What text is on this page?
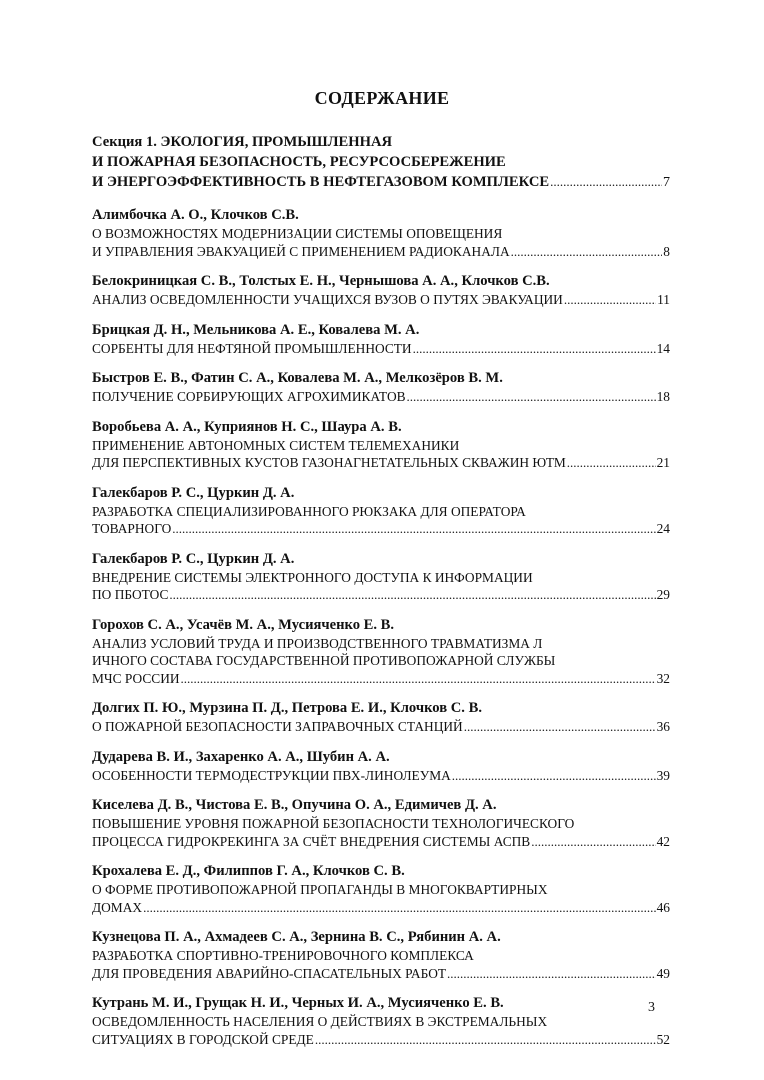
СОДЕРЖАНИЕ
Секция 1. ЭКОЛОГИЯ, ПРОМЫШЛЕННАЯ
И ПОЖАРНАЯ БЕЗОПАСНОСТЬ, РЕСУРСОСБЕРЕЖЕНИЕ
И ЭНЕРГОЭФФЕКТИВНОСТЬ В НЕФТЕГАЗОВОМ КОМПЛЕКСЕ .....	7
Алимбочка А. О., Клочков С.В.
О ВОЗМОЖНОСТЯХ МОДЕРНИЗАЦИИ СИСТЕМЫ ОПОВЕЩЕНИЯ
И УПРАВЛЕНИЯ ЭВАКУАЦИЕЙ С ПРИМЕНЕНИЕМ РАДИОКАНАЛА .....	8
Белокриницкая С. В., Толстых Е. Н., Чернышова А. А., Клочков С.В.
АНАЛИЗ ОСВЕДОМЛЕННОСТИ УЧАЩИХСЯ ВУЗОВ О ПУТЯХ ЭВАКУАЦИИ .....	11
Брицкая Д. Н., Мельникова А. Е., Ковалева М. А.
СОРБЕНТЫ ДЛЯ НЕФТЯНОЙ ПРОМЫШЛЕННОСТИ .....	14
Быстров Е. В., Фатин С. А., Ковалева М. А., Мелкозёров В. М.
ПОЛУЧЕНИЕ СОРБИРУЮЩИХ АГРОХИМИКАТОВ .....	18
Воробьева А. А., Куприянов Н. С., Шаура А. В.
ПРИМЕНЕНИЕ АВТОНОМНЫХ СИСТЕМ ТЕЛЕМЕХАНИКИ
ДЛЯ ПЕРСПЕКТИВНЫХ КУСТОВ ГАЗОНАГНЕТАТЕЛЬНЫХ СКВАЖИН ЮТМ .....	21
Галекбаров Р. С., Цуркин Д. А.
РАЗРАБОТКА СПЕЦИАЛИЗИРОВАННОГО РЮКЗАКА ДЛЯ ОПЕРАТОРА
ТОВАРНОГО .....	24
Галекбаров Р. С., Цуркин Д. А.
ВНЕДРЕНИЕ СИСТЕМЫ ЭЛЕКТРОННОГО ДОСТУПА К ИНФОРМАЦИИ
ПО ПБОТОС .....	29
Горохов С. А., Усачёв М. А., Мусияченко Е. В.
АНАЛИЗ УСЛОВИЙ ТРУДА И ПРОИЗВОДСТВЕННОГО ТРАВМАТИЗМА Л
ИЧНОГО СОСТАВА ГОСУДАРСТВЕННОЙ ПРОТИВОПОЖАРНОЙ СЛУЖБЫ
МЧС РОССИИ .....	32
Долгих П. Ю., Мурзина П. Д., Петрова Е. И., Клочков С. В.
О ПОЖАРНОЙ БЕЗОПАСНОСТИ ЗАПРАВОЧНЫХ СТАНЦИЙ .....	36
Дударева В. И., Захаренко А. А., Шубин А. А.
ОСОБЕННОСТИ ТЕРМОДЕСТРУКЦИИ ПВХ-ЛИНОЛЕУМА .....	39
Киселева Д. В., Чистова Е. В., Опучина О. А., Едимичев Д. А.
ПОВЫШЕНИЕ УРОВНЯ ПОЖАРНОЙ БЕЗОПАСНОСТИ ТЕХНОЛОГИЧЕСКОГО
ПРОЦЕССА ГИДРОКРЕКИНГА ЗА СЧЁТ ВНЕДРЕНИЯ СИСТЕМЫ АСПВ .....	42
Крохалева Е. Д., Филиппов Г. А., Клочков С. В.
О ФОРМЕ ПРОТИВОПОЖАРНОЙ ПРОПАГАНДЫ В МНОГОКВАРТИРНЫХ
ДОМАХ .....	46
Кузнецова П. А., Ахмадеев С. А., Зернина В. С., Рябинин А. А.
РАЗРАБОТКА СПОРТИВНО-ТРЕНИРОВОЧНОГО КОМПЛЕКСА
ДЛЯ ПРОВЕДЕНИЯ АВАРИЙНО-СПАСАТЕЛЬНЫХ РАБОТ .....	49
Кутрань М. И., Грущак Н. И., Черных И. А., Мусияченко Е. В.
ОСВЕДОМЛЕННОСТЬ НАСЕЛЕНИЯ О ДЕЙСТВИЯХ В ЭКСТРЕМАЛЬНЫХ
СИТУАЦИЯХ В ГОРОДСКОЙ СРЕДЕ .....	52
3
